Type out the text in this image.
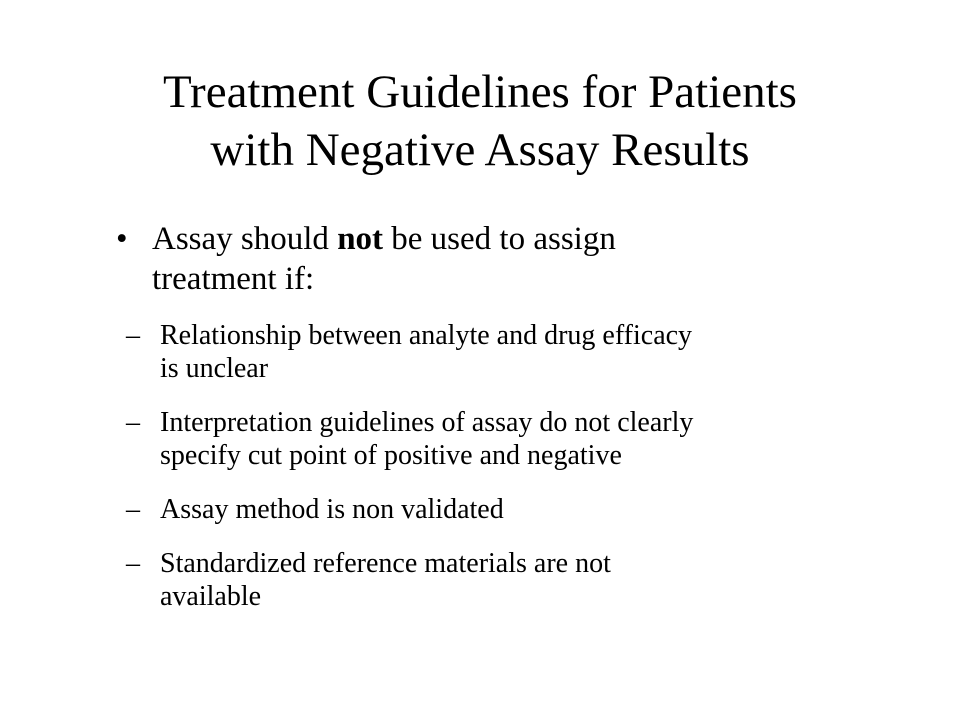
Treatment Guidelines for Patients
with Negative Assay Results
• Assay should not be used to assign
treatment if:
– Relationship between analyte and drug efficacy
is unclear
– Interpretation guidelines of assay do not clearly
specify cut point of positive and negative
– Assay method is non validated
– Standardized reference materials are not
available
